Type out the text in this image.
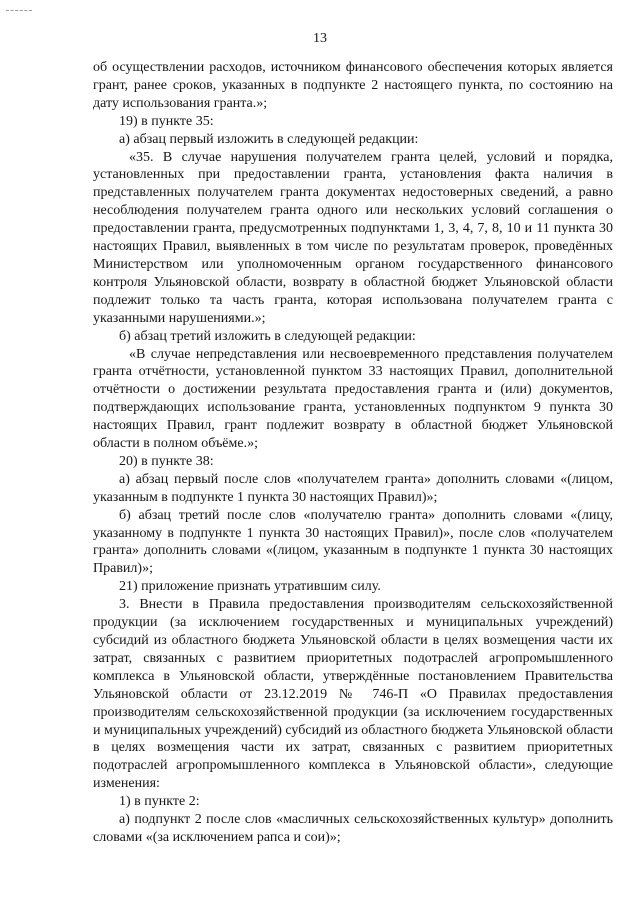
13

об осуществлении расходов, источником финансового обеспечения которых является грант, ранее сроков, указанных в подпункте 2 настоящего пункта, по состоянию на дату использования гранта.»;

19) в пункте 35:

а) абзац первый изложить в следующей редакции:

«35. В случае нарушения получателем гранта целей, условий и порядка, установленных при предоставлении гранта, установления факта наличия в представленных получателем гранта документах недостоверных сведений, а равно несоблюдения получателем гранта одного или нескольких условий соглашения о предоставлении гранта, предусмотренных подпунктами 1, 3, 4, 7, 8, 10 и 11 пункта 30 настоящих Правил, выявленных в том числе по результатам проверок, проведённых Министерством или уполномоченным органом государственного финансового контроля Ульяновской области, возврату в областной бюджет Ульяновской области подлежит только та часть гранта, которая использована получателем гранта с указанными нарушениями.»;

б) абзац третий изложить в следующей редакции:

«В случае непредставления или несвоевременного представления получателем гранта отчётности, установленной пунктом 33 настоящих Правил, дополнительной отчётности о достижении результата предоставления гранта и (или) документов, подтверждающих использование гранта, установленных подпунктом 9 пункта 30 настоящих Правил, грант подлежит возврату в областной бюджет Ульяновской области в полном объёме.»;

20) в пункте 38:

а) абзац первый после слов «получателем гранта» дополнить словами «(лицом, указанным в подпункте 1 пункта 30 настоящих Правил)»;

б) абзац третий после слов «получателю гранта» дополнить словами «(лицу, указанному в подпункте 1 пункта 30 настоящих Правил)», после слов «получателем гранта» дополнить словами «(лицом, указанным в подпункте 1 пункта 30 настоящих Правил)»;

21) приложение признать утратившим силу.

3. Внести в Правила предоставления производителям сельскохозяйственной продукции (за исключением государственных и муниципальных учреждений) субсидий из областного бюджета Ульяновской области в целях возмещения части их затрат, связанных с развитием приоритетных подотраслей агропромышленного комплекса в Ульяновской области, утверждённые постановлением Правительства Ульяновской области от 23.12.2019 № 746-П «О Правилах предоставления производителям сельскохозяйственной продукции (за исключением государственных и муниципальных учреждений) субсидий из областного бюджета Ульяновской области в целях возмещения части их затрат, связанных с развитием приоритетных подотраслей агропромышленного комплекса в Ульяновской области», следующие изменения:

1) в пункте 2:

а) подпункт 2 после слов «масличных сельскохозяйственных культур» дополнить словами «(за исключением рапса и сои)»;
